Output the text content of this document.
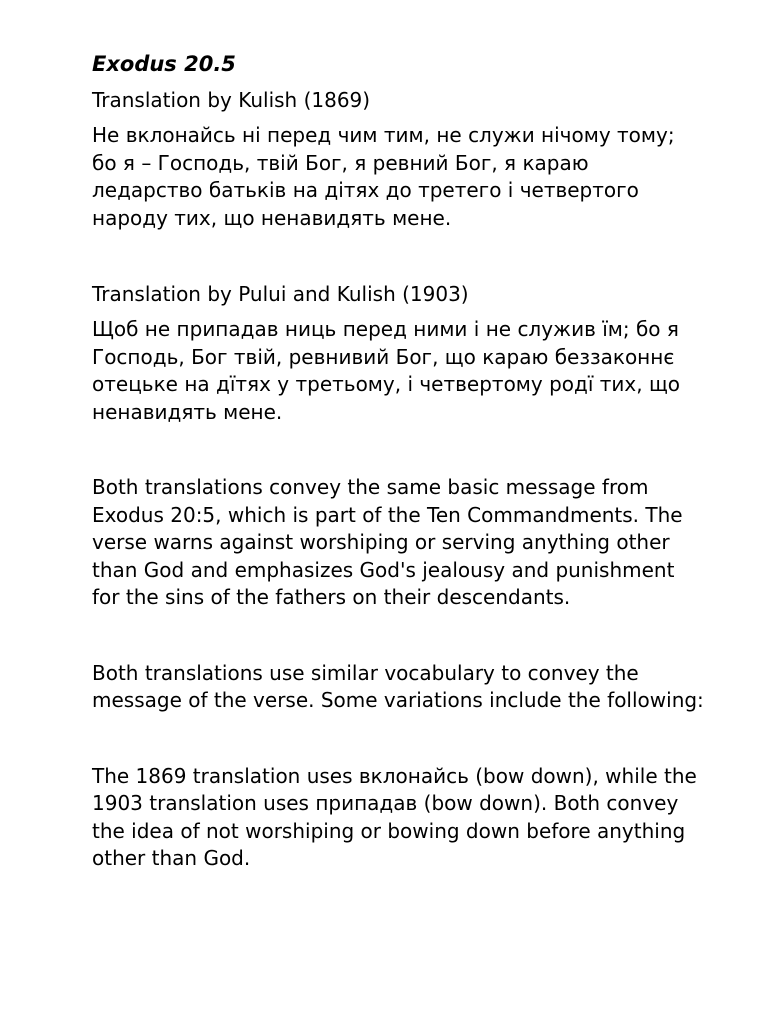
Exodus 20.5
Translation by Kulish (1869)

Не вклонайсь ні перед чим тим, не служи нічому тому; бо я – Господь, твій Бог, я ревний Бог, я караю ледарство батьків на дітях до третего і четвертого народу тих, що ненавидять мене.

Translation by Pului and Kulish (1903)

Щоб не припадав ниць перед ними і не служив їм; бо я Господь, Бог твій, ревнивий Бог, що караю беззаконнє отецьке на дїтях у третьому, і четвертому родї тих, що ненавидять мене.

Both translations convey the same basic message from Exodus 20:5, which is part of the Ten Commandments. The verse warns against worshiping or serving anything other than God and emphasizes God's jealousy and punishment for the sins of the fathers on their descendants.

Both translations use similar vocabulary to convey the message of the verse. Some variations include the following:

The 1869 translation uses вклонайсь (bow down), while the 1903 translation uses припадав (bow down). Both convey the idea of not worshiping or bowing down before anything other than God.
